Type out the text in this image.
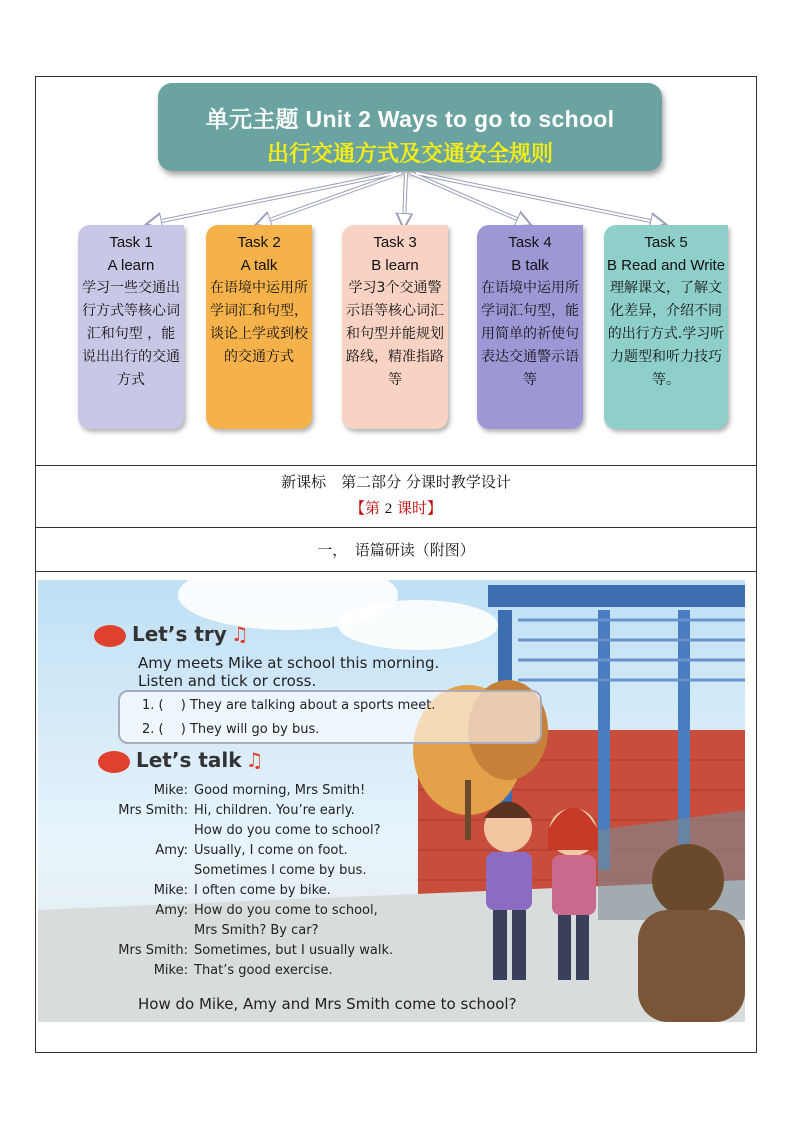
单元主题 Unit 2 Ways to go to school
出行交通方式及交通安全规则
Task 1
A learn
学习一些交通出行方式等核心词汇和句型 ，能说出出行的交通方式
Task 2
A talk
在语境中运用所学词汇和句型，谈论上学或到校的交通方式
Task 3
B learn
学习3个交通警示语等核心词汇和句型并能规划路线，精准指路等
Task 4
B talk
在语境中运用所学词汇句型，能用简单的祈使句表达交通警示语等
Task 5
B Read and Write
理解课文，了解文化差异，介绍不同的出行方式.学习听力题型和听力技巧等。
新课标　第二部分 分课时教学设计
【第 2 课时】
一，　语篇研读（附图）
Let’s try ♫
Amy meets Mike at school this morning.
Listen and tick or cross.
1. (　 ) They are talking about a sports meet.
2. (　 ) They will go by bus.
Let’s talk ♫
Mike: Good morning, Mrs Smith!
Mrs Smith: Hi, children. You’re early.
How do you come to school?
Amy: Usually, I come on foot.
Sometimes I come by bus.
Mike: I often come by bike.
Amy: How do you come to school,
Mrs Smith? By car?
Mrs Smith: Sometimes, but I usually walk.
Mike: That’s good exercise.
How do Mike, Amy and Mrs Smith come to school?
